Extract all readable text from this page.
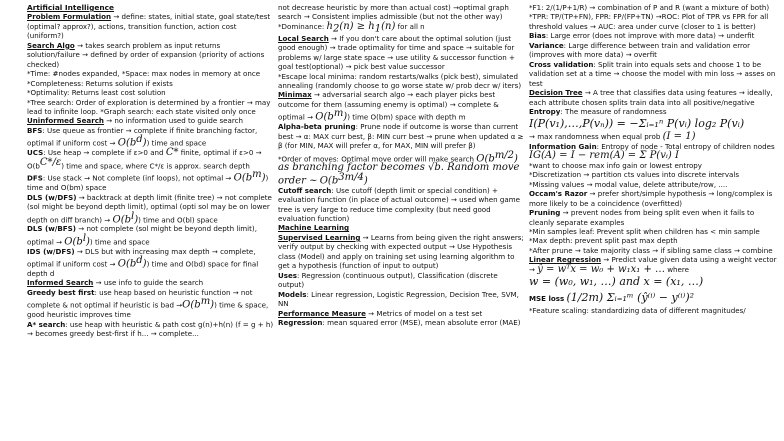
Artificial Intelligence

Problem Formulation → define: states, initial state, goal state/test (optimal? approx?), actions, transition function, action cost (uniform?)

Search Algo → takes search problem as input returns solution/failure → defined by order of expansion (priority of actions checked)

*Time: #nodes expanded, *Space: max nodes in memory at once

*Completeness: Returns solution if exists

*Optimality: Returns least cost solution

*Tree search: Order of exploration is determined by a frontier → may lead to infinite loop. *Graph search: each state visited only once

Uninformed Search → no information used to guide search

BFS: Use queue as frontier → complete if finite branching factor, optimal if uniform $\cos t \to O(b^d)$) time and space

UCS: Use heap → complete if ε>0 and C* finite, optimal if $\varepsilon>0 \to O(b^{C*/\varepsilon})$ time and space, where C*/ε is approx. search depth

DFS: Use stack → Not complete (inf loops), not optimal → $O(b^m)$) time and O(bm) space

DLS (w/DFS) → backtrack at depth limit (finite tree) → not complete (sol might be beyond depth limit), optimal (opti sol may be on lower depth on diff branch) → $O(b^l)$) time and O(bl) space

DLS (w/BFS) → not complete (sol might be beyond depth limit), optimal → $O(b^l)$) time and space

IDS (w/DFS) → DLS but with increasing max depth → complete, optimal if uniform $\cos t \to O(b^d)$) time and O(bd) space for final depth d

Informed Search → use info to guide the search

Greedy best first: use heap based on heuristic function → not complete & not optimal if heuristic is bad $\to O(b^m)$) time & space, good heuristic improves time

A* search: use heap with heuristic & path cost g(n)+h(n) (f = g + h) → becomes greedy best-first if h... → complete...

not decrease heuristic by more than actual cost) →optimal graph search → Consistent implies admissible (but not the other way)

*Dominance: $h_2(n) \ge h_1(n)$ for all n

Local Search → If you don't care about the optimal solution (just good enough) → trade optimality for time and space → suitable for problems w/ large state space → use utility & successor function + goal test(optional) → pick best value successor

*Escape local minima: random restarts/walks (pick best), simulated annealing (randomly choose to go worse state w/ prob decr w/ iters)

Minimax → adversarial search algo → each player picks best outcome for them (assuming enemy is optimal) → complete & optimal → $O(b^m)$) time O(bm) space with depth m

Alpha-beta pruning: Prune node if outcome is worse than current best → α: MAX curr best, β: MIN curr best → prune when updated α ≥ β (for MIN, MAX will prefer α, for MAX, MIN will prefer β)

*Order of moves: Optimal move order will make search $O(b^{m/2})$ as branching factor becomes √b. Random move order ~ $O(b^{3m/4})$

Cutoff search: Use cutoff (depth limit or special condition) + evaluation function (in place of actual outcome) → used when game tree is very large to reduce time complexity (but need good evaluation function)

Machine Learning

Supervised Learning → Learns from being given the right answers; verify output by checking with expected output → Use Hypothesis class (Model) and apply on training set using learning algorithm to get a hypothesis (function of input to output)

Uses: Regression (continuous output), Classification (discrete output)

Models: Linear regression, Logistic Regression, Decision Tree, SVM, NN

Performance Measure → Metrics of model on a test set

Regression: mean squared error (MSE), mean absolute error (MAE)

*F1: 2/(1/P+1/R) → combination of P and R (want a mixture of both)

*TPR: TP/(TP+FN), FPR: FP/(FP+TN) →ROC: Plot of TPR vs FPR for all threshold values → AUC: area under curve (closer to 1 is better)

Bias: Large error (does not improve with more data) → underfit

Variance: Large difference between train and validation error (improves with more data) → overfit

Cross validation: Split train into equals sets and choose 1 to be validation set at a time → choose the model with min loss → asses on test

Decision Tree → A tree that classifies data using features → ideally, each attribute chosen splits train data into all positive/negative

Entropy: The measure of randomness

I(P(v₁),…,P(vₙ)) = −Σᵢ₌₁ⁿ P(vᵢ) log₂ P(vᵢ)

→ max randomness when equal prob (I = 1)

Information Gain: Entropy of node - Total entropy of children nodes IG(A) = I − rem(A) = Σ P(vᵢ) I

*want to choose max info gain or lowest entropy

*Discretization → partition cts values into discrete intervals

*Missing values → modal value, delete attribute/row, ....

Occam's Razor → prefer short/simple hypothesis → long/complex is more likely to be a coincidence (overfitted)

Pruning → prevent nodes from being split even when it fails to cleanly separate examples

*Min samples leaf: Prevent split when children has < min sample

*Max depth: prevent split past max depth

*After prune → take majority class → if sibling same class → combine

Linear Regression → Predict value given data using a weight vector → ŷ = wᵀx = w₀ + w₁x₁ + … where

w = (w₀, w₁, …) and x = (x₁, …)

MSE loss (1/2m) Σᵢ₌₁ᵐ (ŷ⁽ⁱ⁾ − y⁽ⁱ⁾)²

*Feature scaling: standardizing data of different magnitudes/
